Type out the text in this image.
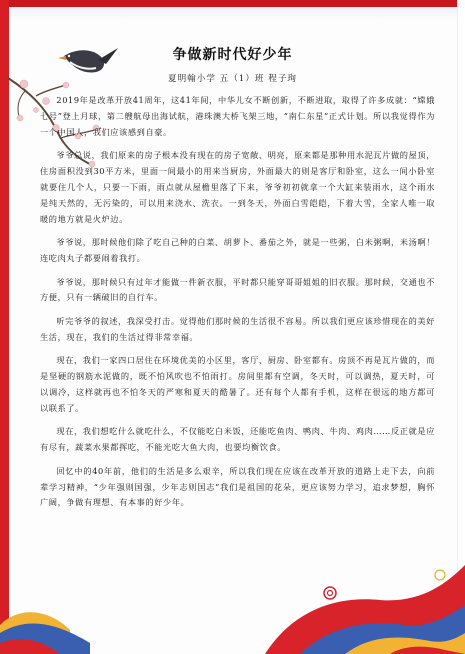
争做新时代好少年
夏明翰小学 五（1）班 程子珣

2019年是改革开放41周年，这41年间，中华儿女不断创新，不断进取，取得了许多成就：“嫦娥七号”登上月球，第二艘航母出海试航，港珠澳大桥飞架三地，“南仁东星”正式计划。所以我觉得作为一个中国人，我们应该感到自豪。

爷爷总说，我们原来的房子根本没有现在的房子宽敞、明亮，原来都是那种用水泥瓦片做的屋顶，住房面积没到30平方米，里面一间最小的用来当厨房，外面最大的则是客厅和卧室，这么一间小卧室就要住几个人，只要一下雨，雨点就从屋檐里落了下来，爷爷初初就拿一个大缸来装雨水，这个雨水是纯天然的，无污染的，可以用来浇水、洗衣。一到冬天，外面白雪皑皑，下着大雪，全家人唯一取暖的地方就是火炉边。

爷爷说，那时候他们除了吃自己种的白菜、胡萝卜、番茄之外，就是一些粥，白米粥啊，米汤啊！连吃肉丸子都要闹着我打。

爷爷说，那时候只有过年才能做一件新衣服，平时都只能穿哥哥姐姐的旧衣服。那时候，交通也不方便，只有一辆破旧的自行车。

听完爷爷的叙述，我深受打击。觉得他们那时候的生活很不容易。所以我们更应该珍惜现在的美好生活，现在，我们的生活过得非常幸福。

现在，我们一家四口居住在环境优美的小区里，客厅、厨房、卧室都有。房顶不再是瓦片做的，而是坚硬的钢筋水泥做的，既不怕风吹也不怕雨打。房间里都有空调，冬天时，可以调热，夏天时，可以调冷，这样就再也不怕冬天的严寒和夏天的酷暑了。还有每个人都有手机，这样在很远的地方都可以联系了。

现在，我们想吃什么就吃什么，不仅能吃白米饭，还能吃鱼肉、鸭肉、牛肉、鸡肉……反正就是应有尽有，蔬菜水果都挥吃，不能光吃大鱼大肉，也要均衡饮食。

回忆中的40年前，他们的生活是多么艰辛，所以我们现在应该在改革开放的道路上走下去，向前辈学习精神，“少年强则国强，少年志则国志”我们是祖国的花朵，更应该努力学习，追求梦想，胸怀广阔，争做有理想、有本事的好少年。
